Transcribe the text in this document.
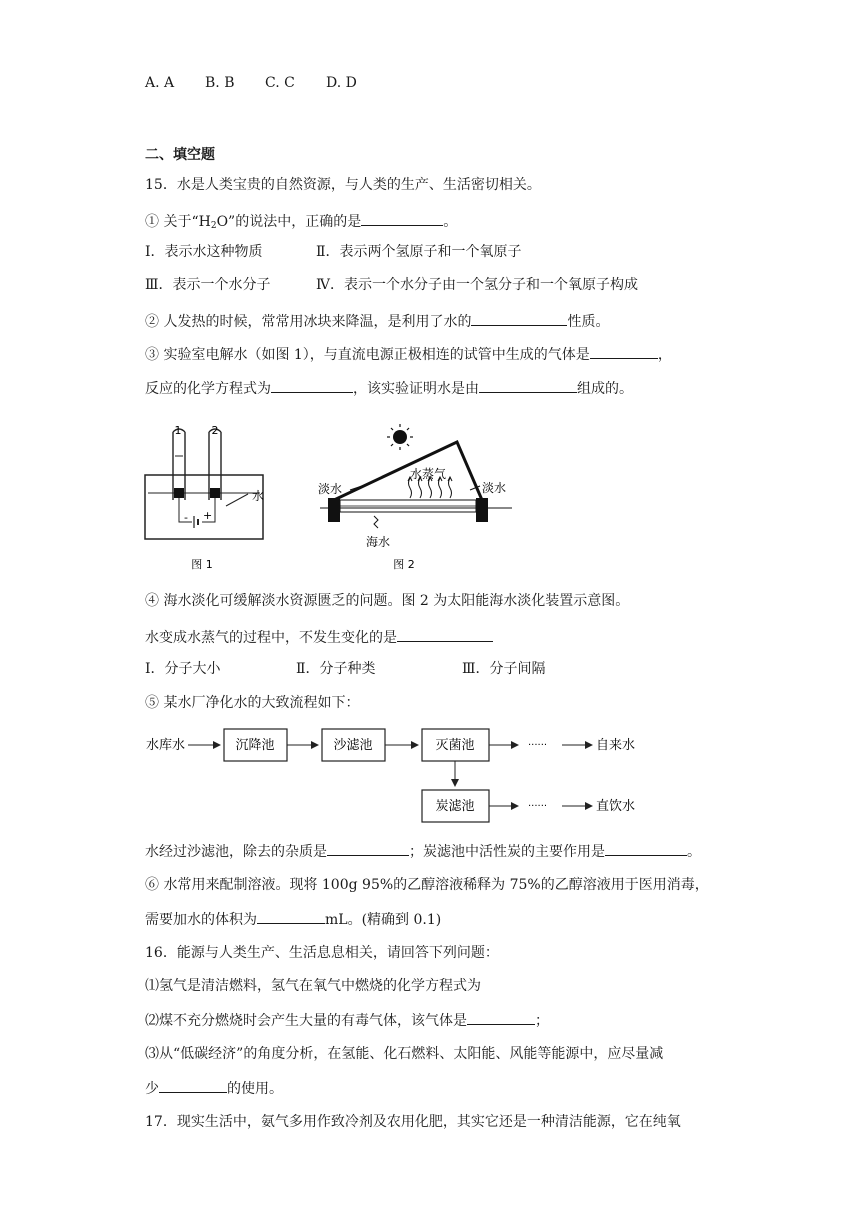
A. A B. B C. C D. D
二、填空题
15．水是人类宝贵的自然资源，与人类的生产、生活密切相关。
① 关于“$H_2O$”的说法中，正确的是	。
Ⅰ．表示水这种物质	Ⅱ．表示两个氢原子和一个氧原子
Ⅲ．表示一个水分子	Ⅳ．表示一个水分子由一个氢分子和一个氧原子构成
② 人发热的时候，常常用冰块来降温，是利用了水的	性质。
③ 实验室电解水（如图 1），与直流电源正极相连的试管中生成的气体是	，
反应的化学方程式为	，该实验证明水是由	组成的。
1	2
水
- +
图 1
淡水
水蒸气
淡水
海水
图 2
④ 海水淡化可缓解淡水资源匮乏的问题。图 2 为太阳能海水淡化装置示意图。
水变成水蒸气的过程中，不发生变化的是
Ⅰ．分子大小	Ⅱ．分子种类	Ⅲ．分子间隔
⑤ 某水厂净化水的大致流程如下：
水库水	沉降池	沙滤池	灭菌池	······	自来水
炭滤池	······	直饮水
水经过沙滤池，除去的杂质是	；炭滤池中活性炭的主要作用是	。
⑥ 水常用来配制溶液。现将 100g 95%的乙醇溶液稀释为 75%的乙醇溶液用于医用消毒，
需要加水的体积为	mL。(精确到 0.1)
16．能源与人类生产、生活息息相关，请回答下列问题：
⑴氢气是清洁燃料，氢气在氧气中燃烧的化学方程式为
⑵煤不充分燃烧时会产生大量的有毒气体，该气体是	；
⑶从“低碳经济”的角度分析，在氢能、化石燃料、太阳能、风能等能源中，应尽量减
少	的使用。
17．现实生活中，氨气多用作致冷剂及农用化肥，其实它还是一种清洁能源，它在纯氧
